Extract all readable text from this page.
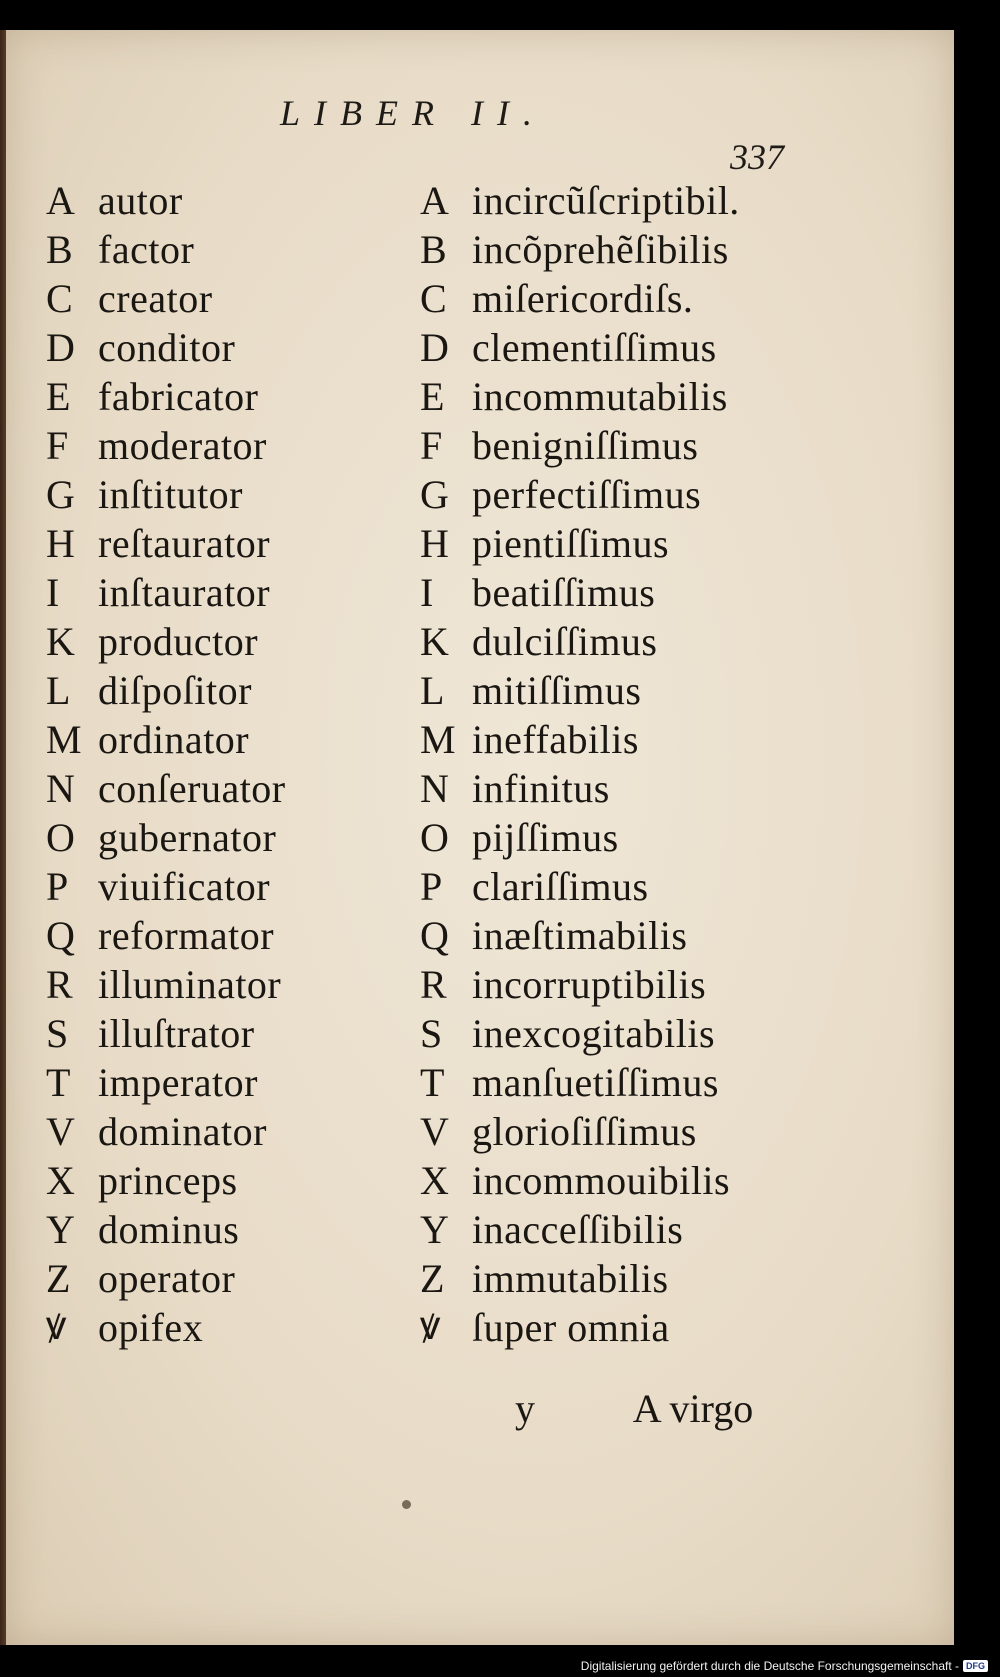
LIBER II.
337
A autor
B factor
C creator
D conditor
E fabricator
F moderator
G inſtitutor
H reſtaurator
I inſtaurator
K productor
L diſpoſitor
M ordinator
N conſeruator
O gubernator
P viuificator
Q reformator
R illuminator
S illuſtrator
T imperator
V dominator
X princeps
Y dominus
Z operator
ꝟ opifex
A incircũſcriptibil.
B incõprehẽſibilis
C miſericordiſs.
D clementiſſimus
E incommutabilis
F benigniſſimus
G perfectiſſimus
H pientiſſimus
I beatiſſimus
K dulciſſimus
L mitiſſimus
M ineffabilis
N infinitus
O pijſſimus
P clariſſimus
Q inæſtimabilis
R incorruptibilis
S inexcogitabilis
T manſuetiſſimus
V glorioſiſſimus
X incommouibilis
Y inacceſſibilis
Z immutabilis
ꝟ ſuper omnia
y A virgo
Digitalisierung gefördert durch die Deutsche Forschungsgemeinschaft - DFG
